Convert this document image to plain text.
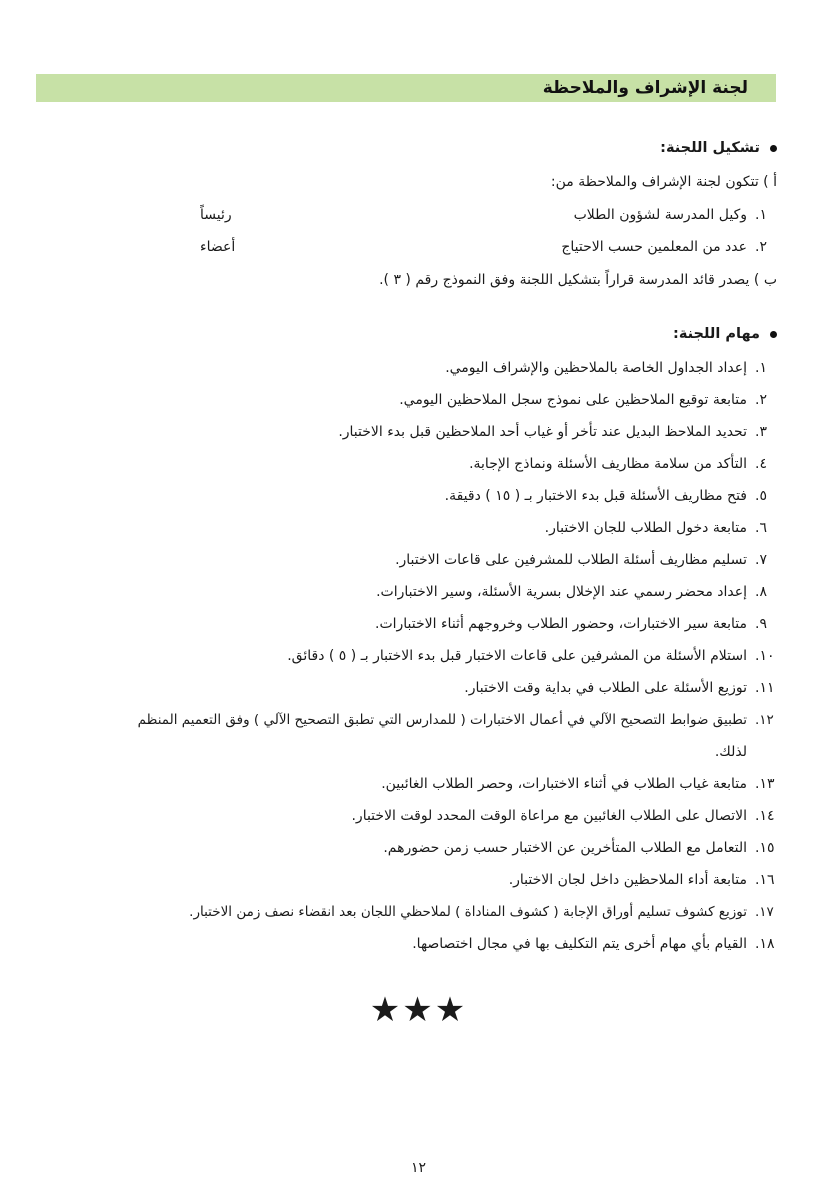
لجنة الإشراف والملاحظة
تشكيل اللجنة:
أ ) تتكون لجنة الإشراف والملاحظة من:
١.وكيل المدرسة لشؤون الطلاب
رئيساً
٢.عدد من المعلمين حسب الاحتياج
أعضاء
ب ) يصدر قائد المدرسة قراراً بتشكيل اللجنة وفق النموذج رقم ( ٣ ).
مهام اللجنة:
١.إعداد الجداول الخاصة بالملاحظين والإشراف اليومي.
٢.متابعة توقيع الملاحظين على نموذج سجل الملاحظين اليومي.
٣.تحديد الملاحظ البديل عند تأخر أو غياب أحد الملاحظين قبل بدء الاختبار.
٤.التأكد من سلامة مظاريف الأسئلة ونماذج الإجابة.
٥.فتح مظاريف الأسئلة قبل بدء الاختبار بـ ( ١٥ ) دقيقة.
٦.متابعة دخول الطلاب للجان الاختبار.
٧.تسليم مظاريف أسئلة الطلاب للمشرفين على قاعات الاختبار.
٨.إعداد محضر رسمي عند الإخلال بسرية الأسئلة، وسير الاختبارات.
٩.متابعة سير الاختبارات، وحضور الطلاب وخروجهم أثناء الاختبارات.
١٠.استلام الأسئلة من المشرفين على قاعات الاختبار قبل بدء الاختبار بـ ( ٥ ) دقائق.
١١.توزيع الأسئلة على الطلاب في بداية وقت الاختبار.
١٢.تطبيق ضوابط التصحيح الآلي في أعمال الاختبارات ( للمدارس التي تطبق التصحيح الآلي ) وفق التعميم المنظم
لذلك.
١٣.متابعة غياب الطلاب في أثناء الاختبارات، وحصر الطلاب الغائبين.
١٤.الاتصال على الطلاب الغائبين مع مراعاة الوقت المحدد لوقت الاختبار.
١٥.التعامل مع الطلاب المتأخرين عن الاختبار حسب زمن حضورهم.
١٦.متابعة أداء الملاحظين داخل لجان الاختبار.
١٧.توزيع كشوف تسليم أوراق الإجابة ( كشوف المناداة ) لملاحظي اللجان بعد انقضاء نصف زمن الاختبار.
١٨.القيام بأي مهام أخرى يتم التكليف بها في مجال اختصاصها.
★★★
١٢
